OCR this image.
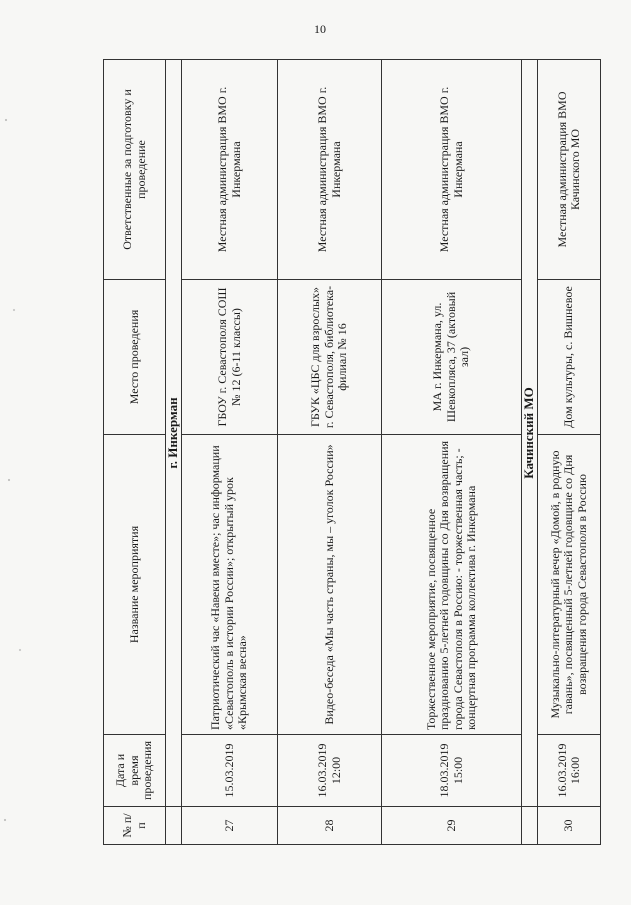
10
№ п/п	Дата и время проведения	Название мероприятия	Место проведения	Ответственные за подготовку и проведение
	г. Инкерман			
27	15.03.2019	Патриотический час «Навеки вместе»; час информации «Севастополь в истории России»; открытый урок «Крымская весна»	ГБОУ г. Севастополя СОШ № 12 (6-11 классы)	Местная администрация ВМО г. Инкермана
28	16.03.2019 12:00	Видео-беседа «Мы часть страны, мы – уголок России»	ГБУК «ЦБС для взрослых» г. Севастополя, библиотека-филиал № 16	Местная администрация ВМО г. Инкермана
29	18.03.2019 15:00	Торжественное мероприятие, посвященное празднованию 5-летней годовщины со Дня возвращения города Севастополя в Россию: - торжественная часть; - концертная программа коллектива г. Инкермана	МА г. Инкермана, ул. Шевкопляса, 37 (актовый зал)	Местная администрация ВМО г. Инкермана
	Качинский МО			
30	16.03.2019 16:00	Музыкально-литературный вечер «Домой, в родную гавань», посвященный 5-летней годовщине со Дня возвращения города Севастополя в Россию	Дом культуры, с. Вишневое	Местная администрация ВМО Качинского МО
